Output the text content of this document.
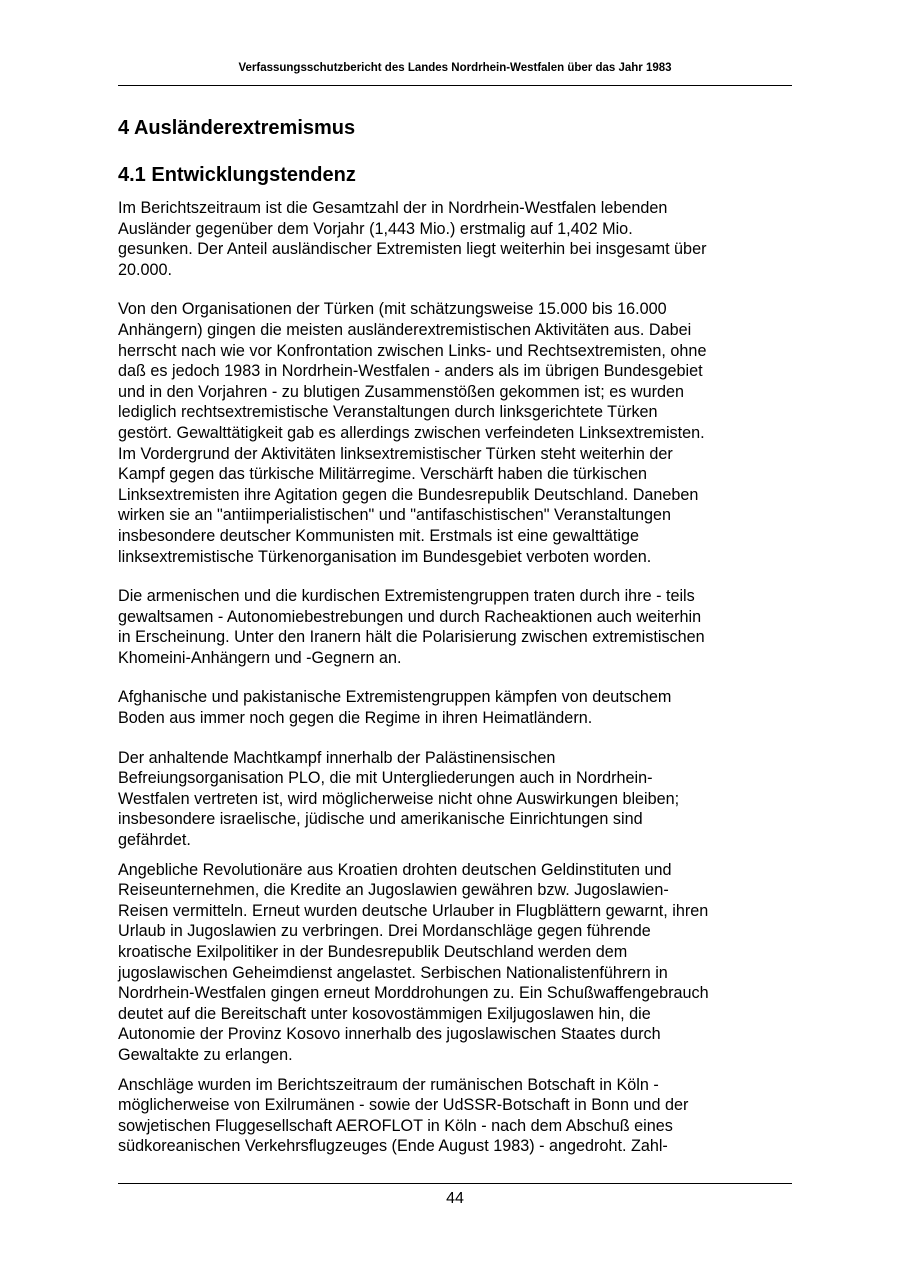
Verfassungsschutzbericht des Landes Nordrhein-Westfalen über das Jahr 1983
4 Ausländerextremismus
4.1 Entwicklungstendenz

Im Berichtszeitraum ist die Gesamtzahl der in Nordrhein-Westfalen lebenden
Ausländer gegenüber dem Vorjahr (1,443 Mio.) erstmalig auf 1,402 Mio.
gesunken. Der Anteil ausländischer Extremisten liegt weiterhin bei insgesamt über
20.000.

Von den Organisationen der Türken (mit schätzungsweise 15.000 bis 16.000
Anhängern) gingen die meisten ausländerextremistischen Aktivitäten aus. Dabei
herrscht nach wie vor Konfrontation zwischen Links- und Rechtsextremisten, ohne
daß es jedoch 1983 in Nordrhein-Westfalen - anders als im übrigen Bundesgebiet
und in den Vorjahren - zu blutigen Zusammenstößen gekommen ist; es wurden
lediglich rechtsextremistische Veranstaltungen durch linksgerichtete Türken
gestört. Gewalttätigkeit gab es allerdings zwischen verfeindeten Linksextremisten.
Im Vordergrund der Aktivitäten linksextremistischer Türken steht weiterhin der
Kampf gegen das türkische Militärregime. Verschärft haben die türkischen
Linksextremisten ihre Agitation gegen die Bundesrepublik Deutschland. Daneben
wirken sie an "antiimperialistischen" und "antifaschistischen" Veranstaltungen
insbesondere deutscher Kommunisten mit. Erstmals ist eine gewalttätige
linksextremistische Türkenorganisation im Bundesgebiet verboten worden.

Die armenischen und die kurdischen Extremistengruppen traten durch ihre - teils
gewaltsamen - Autonomiebestrebungen und durch Racheaktionen auch weiterhin
in Erscheinung. Unter den Iranern hält die Polarisierung zwischen extremistischen
Khomeini-Anhängern und -Gegnern an.

Afghanische und pakistanische Extremistengruppen kämpfen von deutschem
Boden aus immer noch gegen die Regime in ihren Heimatländern.

Der anhaltende Machtkampf innerhalb der Palästinensischen
Befreiungsorganisation PLO, die mit Untergliederungen auch in Nordrhein-
Westfalen vertreten ist, wird möglicherweise nicht ohne Auswirkungen bleiben;
insbesondere israelische, jüdische und amerikanische Einrichtungen sind
gefährdet.

Angebliche Revolutionäre aus Kroatien drohten deutschen Geldinstituten und
Reiseunternehmen, die Kredite an Jugoslawien gewähren bzw. Jugoslawien-
Reisen vermitteln. Erneut wurden deutsche Urlauber in Flugblättern gewarnt, ihren
Urlaub in Jugoslawien zu verbringen. Drei Mordanschläge gegen führende
kroatische Exilpolitiker in der Bundesrepublik Deutschland werden dem
jugoslawischen Geheimdienst angelastet. Serbischen Nationalistenführern in
Nordrhein-Westfalen gingen erneut Morddrohungen zu. Ein Schußwaffengebrauch
deutet auf die Bereitschaft unter kosovostämmigen Exiljugoslawen hin, die
Autonomie der Provinz Kosovo innerhalb des jugoslawischen Staates durch
Gewaltakte zu erlangen.

Anschläge wurden im Berichtszeitraum der rumänischen Botschaft in Köln -
möglicherweise von Exilrumänen - sowie der UdSSR-Botschaft in Bonn und der
sowjetischen Fluggesellschaft AEROFLOT in Köln - nach dem Abschuß eines
südkoreanischen Verkehrsflugzeuges (Ende August 1983) - angedroht. Zahl-

44
